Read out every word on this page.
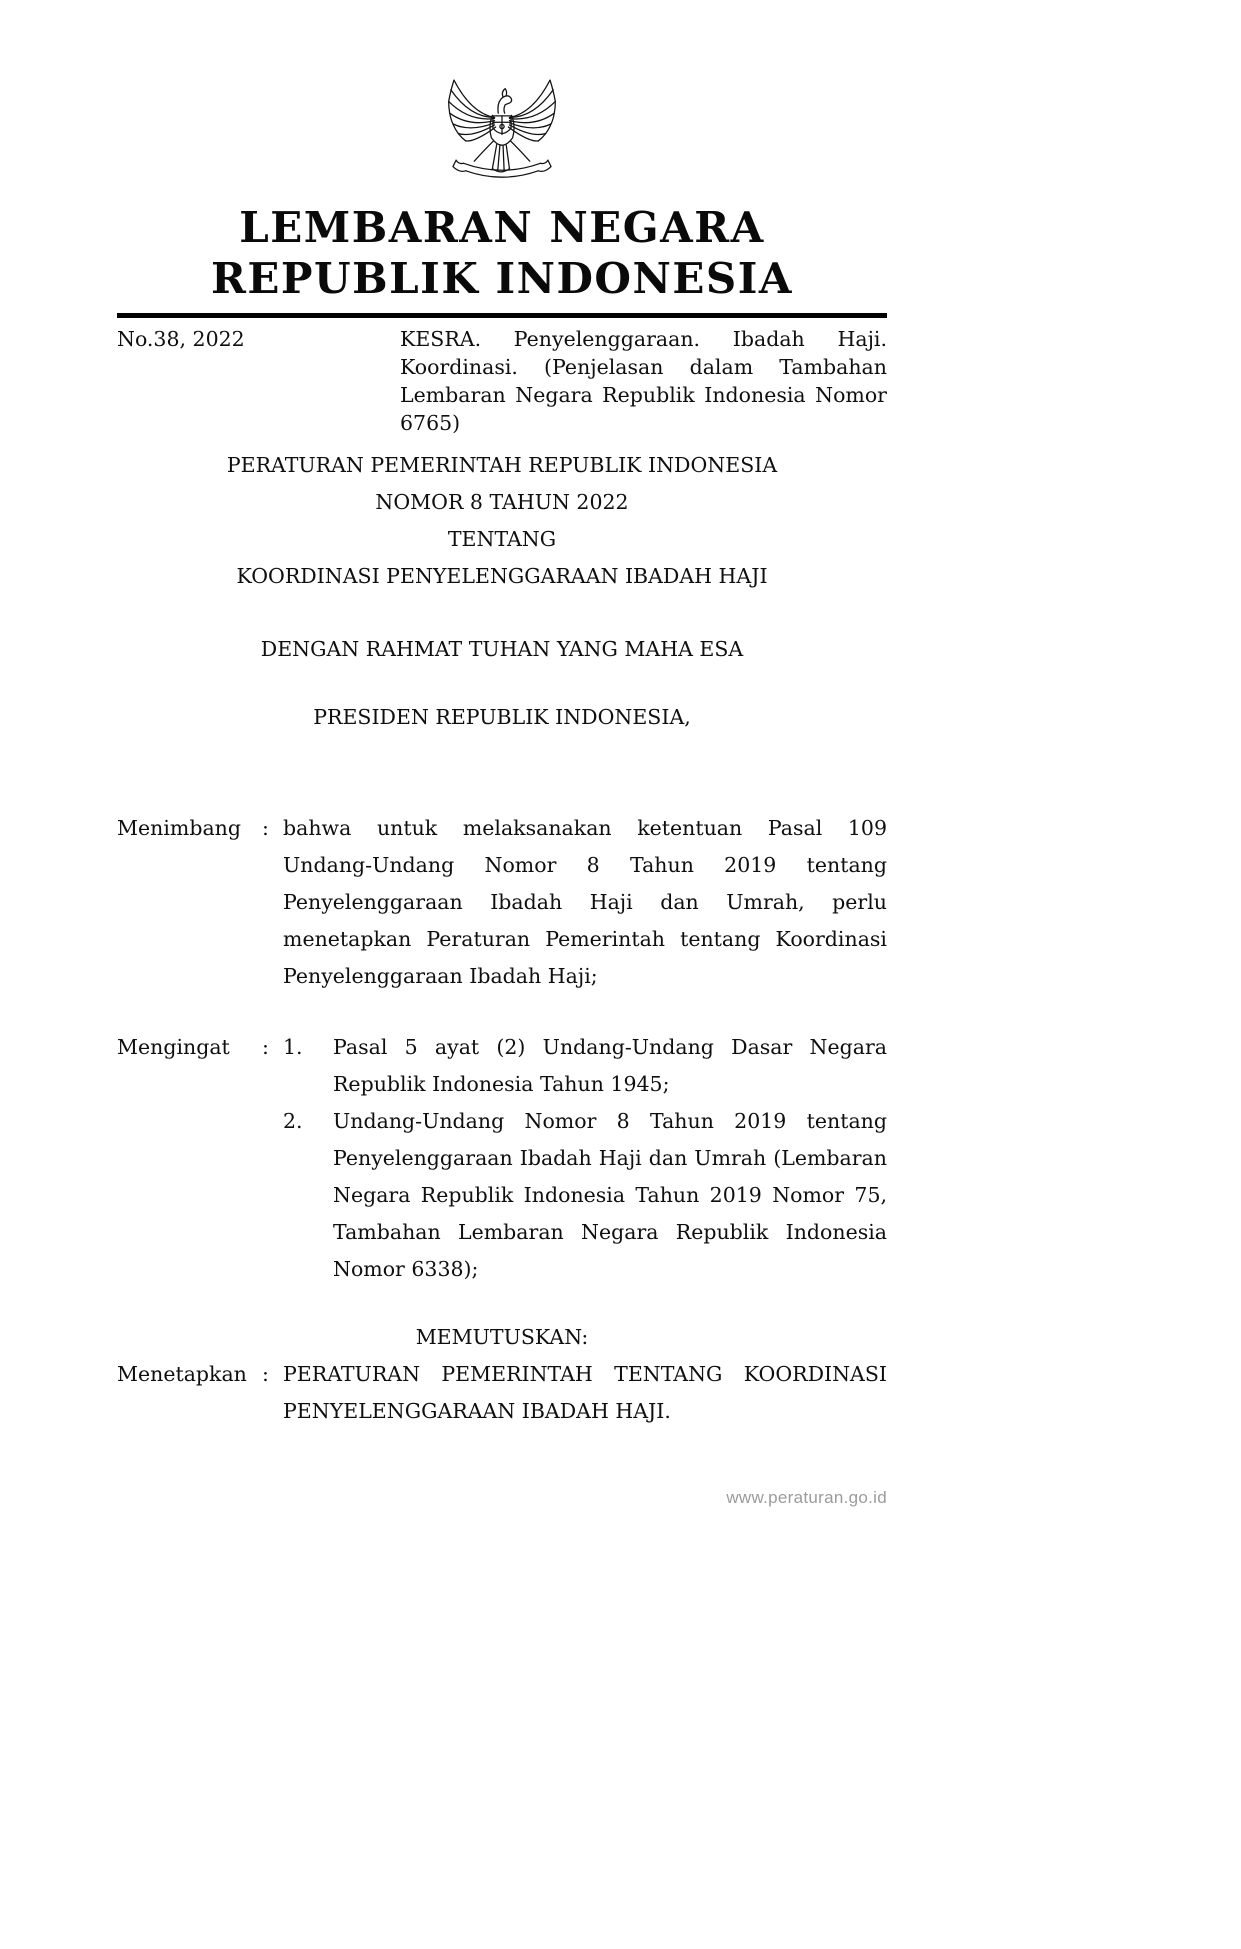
LEMBARAN NEGARA
REPUBLIK INDONESIA
No.38, 2022	KESRA. Penyelenggaraan. Ibadah Haji. Koordinasi. (Penjelasan dalam Tambahan Lembaran Negara Republik Indonesia Nomor 6765)
PERATURAN PEMERINTAH REPUBLIK INDONESIA
NOMOR 8 TAHUN 2022
TENTANG
KOORDINASI PENYELENGGARAAN IBADAH HAJI
DENGAN RAHMAT TUHAN YANG MAHA ESA
PRESIDEN REPUBLIK INDONESIA,
Menimbang	: bahwa untuk melaksanakan ketentuan Pasal 109 Undang-Undang Nomor 8 Tahun 2019 tentang Penyelenggaraan Ibadah Haji dan Umrah, perlu menetapkan Peraturan Pemerintah tentang Koordinasi Penyelenggaraan Ibadah Haji;
Mengingat	: 1.	Pasal 5 ayat (2) Undang-Undang Dasar Negara Republik Indonesia Tahun 1945;
2.	Undang-Undang Nomor 8 Tahun 2019 tentang Penyelenggaraan Ibadah Haji dan Umrah (Lembaran Negara Republik Indonesia Tahun 2019 Nomor 75, Tambahan Lembaran Negara Republik Indonesia Nomor 6338);
MEMUTUSKAN:
Menetapkan : PERATURAN PEMERINTAH TENTANG KOORDINASI PENYELENGGARAAN IBADAH HAJI.
www.peraturan.go.id
